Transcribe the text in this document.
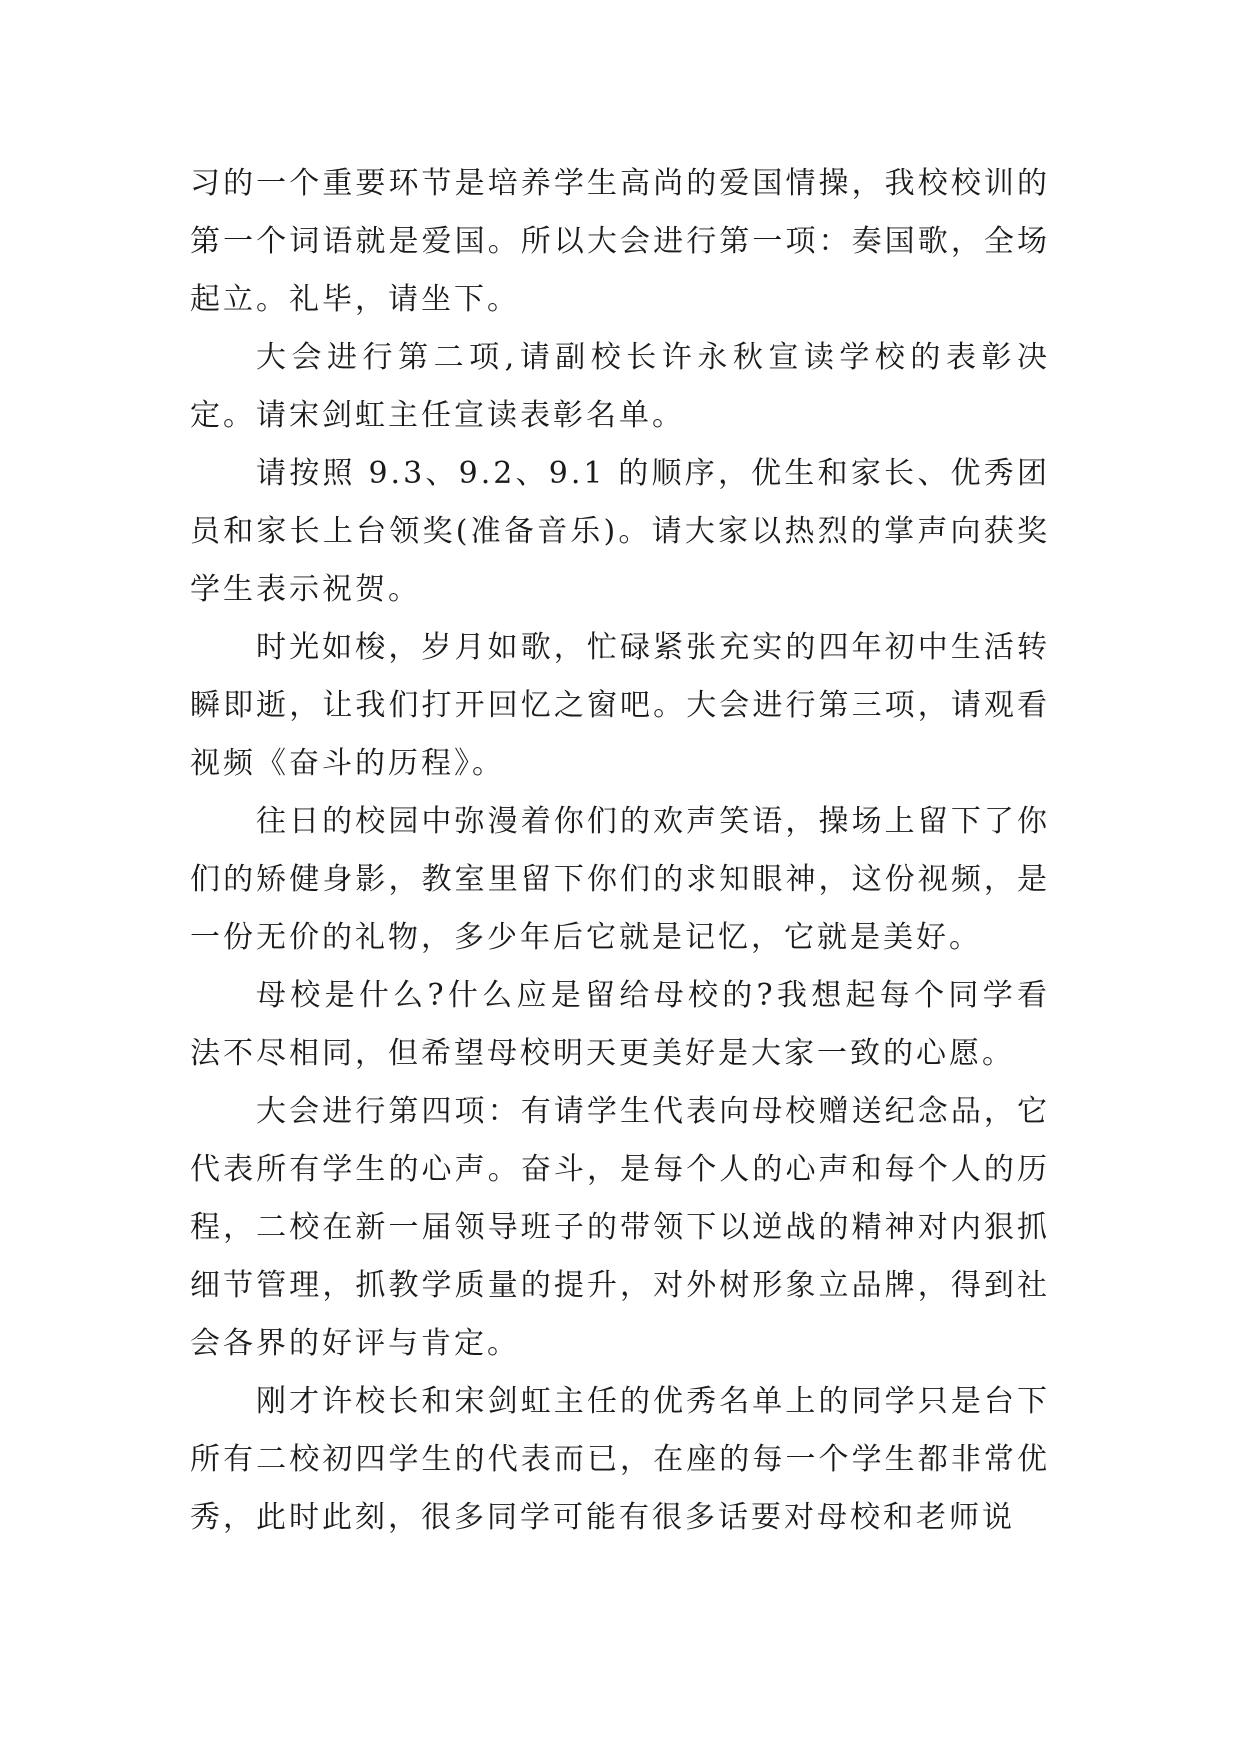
习的一个重要环节是培养学生高尚的爱国情操，我校校训的第一个词语就是爱国。所以大会进行第一项：奏国歌，全场起立。礼毕，请坐下。

大会进行第二项,请副校长许永秋宣读学校的表彰决定。请宋剑虹主任宣读表彰名单。

请按照 9.3、9.2、9.1 的顺序，优生和家长、优秀团员和家长上台领奖(准备音乐)。请大家以热烈的掌声向获奖学生表示祝贺。

时光如梭，岁月如歌，忙碌紧张充实的四年初中生活转瞬即逝，让我们打开回忆之窗吧。大会进行第三项，请观看视频《奋斗的历程》。

往日的校园中弥漫着你们的欢声笑语，操场上留下了你们的矫健身影，教室里留下你们的求知眼神，这份视频，是一份无价的礼物，多少年后它就是记忆，它就是美好。

母校是什么?什么应是留给母校的?我想起每个同学看法不尽相同，但希望母校明天更美好是大家一致的心愿。

大会进行第四项：有请学生代表向母校赠送纪念品，它代表所有学生的心声。奋斗，是每个人的心声和每个人的历程，二校在新一届领导班子的带领下以逆战的精神对内狠抓细节管理，抓教学质量的提升，对外树形象立品牌，得到社会各界的好评与肯定。

刚才许校长和宋剑虹主任的优秀名单上的同学只是台下所有二校初四学生的代表而已，在座的每一个学生都非常优秀，此时此刻，很多同学可能有很多话要对母校和老师说
